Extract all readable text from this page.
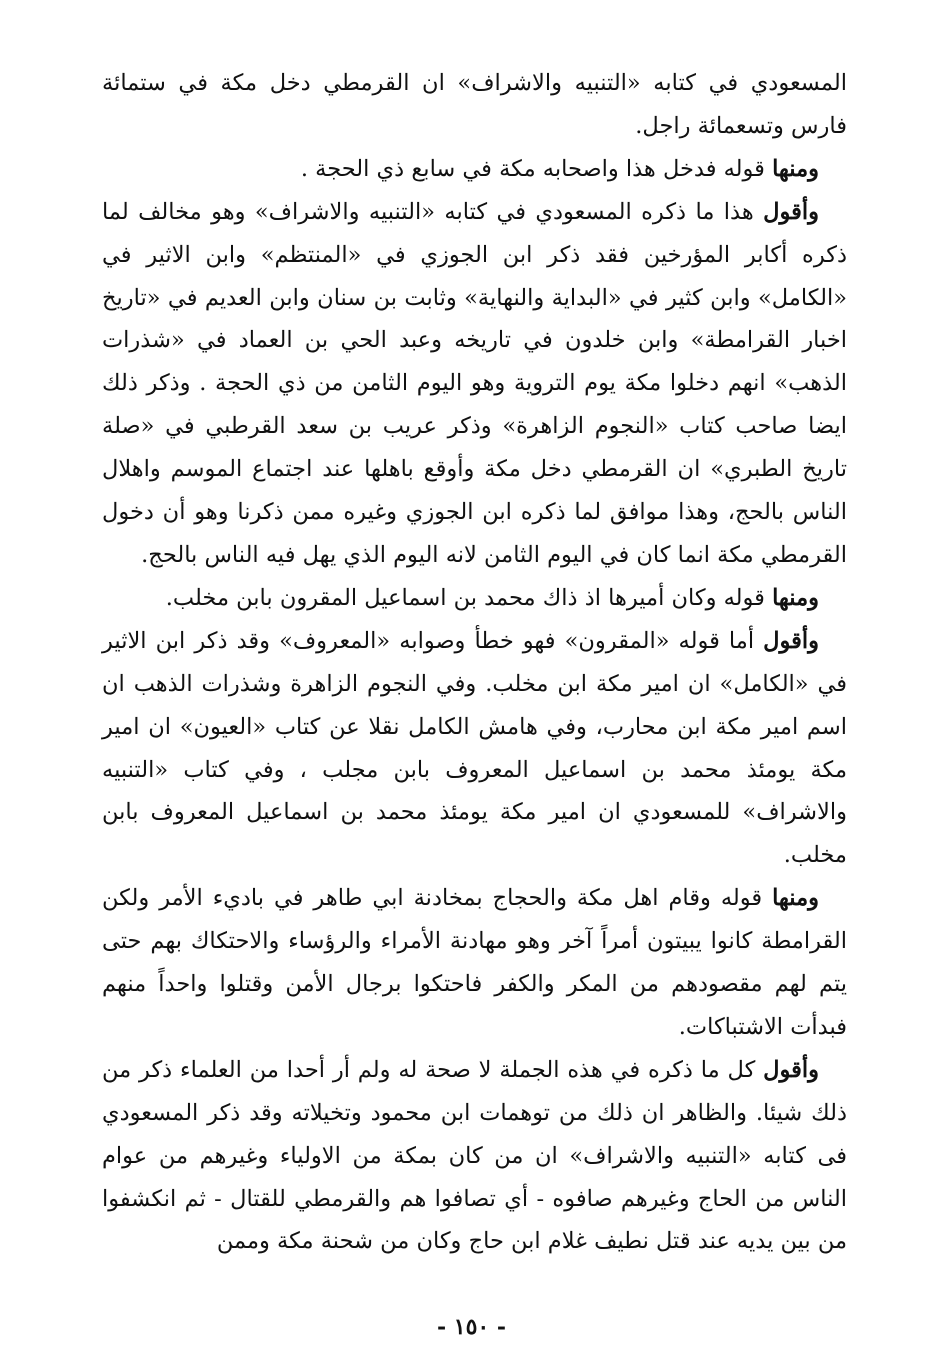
المسعودي في كتابه «التنبيه والاشراف» ان القرمطي دخل مكة في ستمائة فارس وتسعمائة راجل.

ومنها قوله فدخل هذا واصحابه مكة في سابع ذي الحجة .

وأقول هذا ما ذكره المسعودي في كتابه «التنبيه والاشراف» وهو مخالف لما ذكره أكابر المؤرخين فقد ذكر ابن الجوزي في «المنتظم» وابن الاثير في «الكامل» وابن كثير في «البداية والنهاية» وثابت بن سنان وابن العديم في «تاريخ اخبار القرامطة» وابن خلدون في تاريخه وعبد الحي بن العماد في «شذرات الذهب» انهم دخلوا مكة يوم التروية وهو اليوم الثامن من ذي الحجة . وذكر ذلك ايضا صاحب كتاب «النجوم الزاهرة» وذكر عريب بن سعد القرطبي في «صلة تاريخ الطبري» ان القرمطي دخل مكة وأوقع باهلها عند اجتماع الموسم واهلال الناس بالحج، وهذا موافق لما ذكره ابن الجوزي وغيره ممن ذكرنا وهو أن دخول القرمطي مكة انما كان في اليوم الثامن لانه اليوم الذي يهل فيه الناس بالحج.

ومنها قوله وكان أميرها اذ ذاك محمد بن اسماعيل المقرون بابن مخلب.

وأقول أما قوله «المقرون» فهو خطأ وصوابه «المعروف» وقد ذكر ابن الاثير في «الكامل» ان امير مكة ابن مخلب. وفي النجوم الزاهرة وشذرات الذهب ان اسم امير مكة ابن محارب، وفي هامش الكامل نقلا عن كتاب «العيون» ان امير مكة يومئذ محمد بن اسماعيل المعروف بابن مجلب ، وفي كتاب «التنبيه والاشراف» للمسعودي ان امير مكة يومئذ محمد بن اسماعيل المعروف بابن مخلب.

ومنها قوله وقام اهل مكة والحجاج بمخادنة ابي طاهر في باديء الأمر ولكن القرامطة كانوا يبيتون أمراً آخر وهو مهادنة الأمراء والرؤساء والاحتكاك بهم حتى يتم لهم مقصودهم من المكر والكفر فاحتكوا برجال الأمن وقتلوا واحداً منهم فبدأت الاشتباكات.

وأقول كل ما ذكره في هذه الجملة لا صحة له ولم أر أحدا من العلماء ذكر من ذلك شيئا. والظاهر ان ذلك من توهمات ابن محمود وتخيلاته وقد ذكر المسعودي فى كتابه «التنبيه والاشراف» ان من كان بمكة من الاولياء وغيرهم من عوام الناس من الحاج وغيرهم صافوه - أي تصافوا هم والقرمطي للقتال - ثم انكشفوا من بين يديه عند قتل نطيف غلام ابن حاج وكان من شحنة مكة وممن

- ١٥٠ -
